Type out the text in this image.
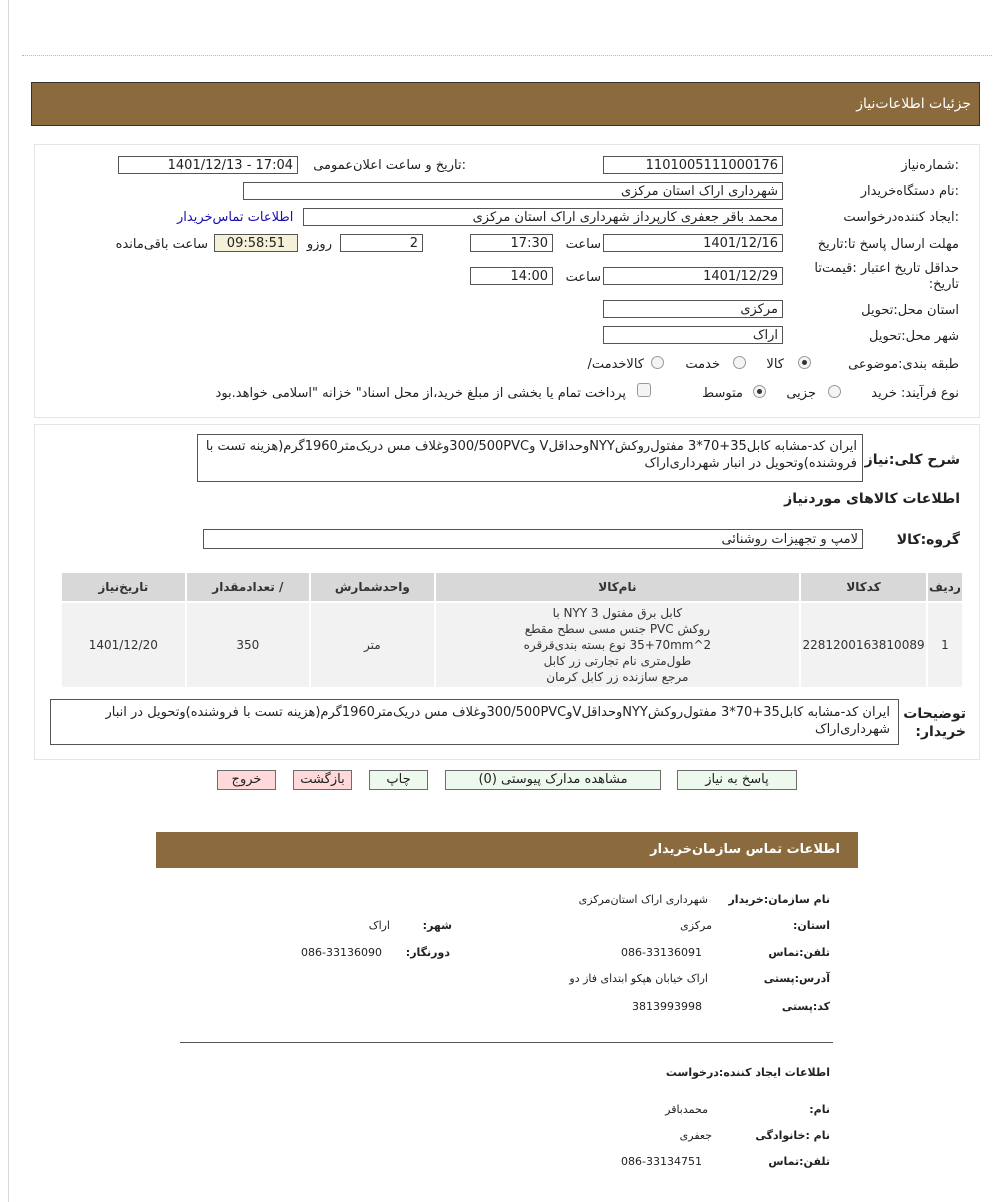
جزئیات اطلاعات‌نیاز
شماره‌نیاز:
1101005111000176
تاریخ و ساعت اعلان‌عمومی:
1401/12/13 - 17:04
نام دستگاه‌خریدار:
شهرداری اراک استان مرکزی
ایجاد کننده‌درخواست:
محمد باقر جعفری کارپرداز شهرداری اراک استان مرکزی
اطلاعات تماس‌خریدار
مهلت ارسال پاسخ تا:تاریخ
1401/12/16
ساعت
17:30
2
روزو
09:58:51
ساعت باقی‌مانده
حداقل تاریخ اعتبار :قیمت‌تا
:تاریخ
1401/12/29
ساعت
14:00
استان محل:تحویل
مرکزی
شهر محل:تحویل
اراک
طبقه بندی:موضوعی
کالا
خدمت
/کالاخدمت
نوع فرآیند: خرید
جزیی
متوسط
پرداخت تمام یا بخشی از مبلغ خرید،از محل اسناد" خزانه "اسلامی خواهد.بود
شرح کلی:نیاز
ایران کد-مشابه کابل35+70*3 مفتول‌روکشNYYوحداقلV و300/500PVCوغلاف مس دریک‌متر1960گرم(هزینه تست با فروشنده)وتحویل در انبار شهرداری‌اراک
اطلاعات کالاهای مورد‌نیاز
گروه:کالا
لامپ و تجهیزات روشنائی
ردیف	کدکالا	نام‌کالا	واحدشمارش	/ تعدادمقدار	تاریخ‌نیاز
1	2281200163810089	کابل برق مفتول NYY 3 با
روکش PVC جنس مسی سطح مقطع
35+70mm^2 نوع بسته بندی‌قرقره
طول‌متری نام تجارتی زر کابل
مرجع سازنده زر کابل کرمان	متر	350	1401/12/20
توضیحات
:خریدار
ایران کد-مشابه کابل35+70*3 مفتول‌روکشNYYوحداقلVو300/500PVCوغلاف مس دریک‌متر1960گرم(هزینه تست با فروشنده)وتحویل در انبار شهرداری‌اراک
پاسخ به نیاز
مشاهده مدارک پیوستی (0)
چاپ
بازگشت
خروج
اطلاعات تماس سازمان‌خریدار
نام سازمان:خریدار
شهرداری اراک استان‌مرکزی
:استان
مرکزی
:شهر
اراک
تلفن:تماس
086-33136091
:دورنگار
086-33136090
آدرس:پستی
اراک خیابان هپکو ابتدای فاز دو
کد:پستی
3813993998
اطلاعات ایجاد کننده:درخواست
:نام
محمدباقر
نام :خانوادگی
جعفری
تلفن:تماس
086-33134751
